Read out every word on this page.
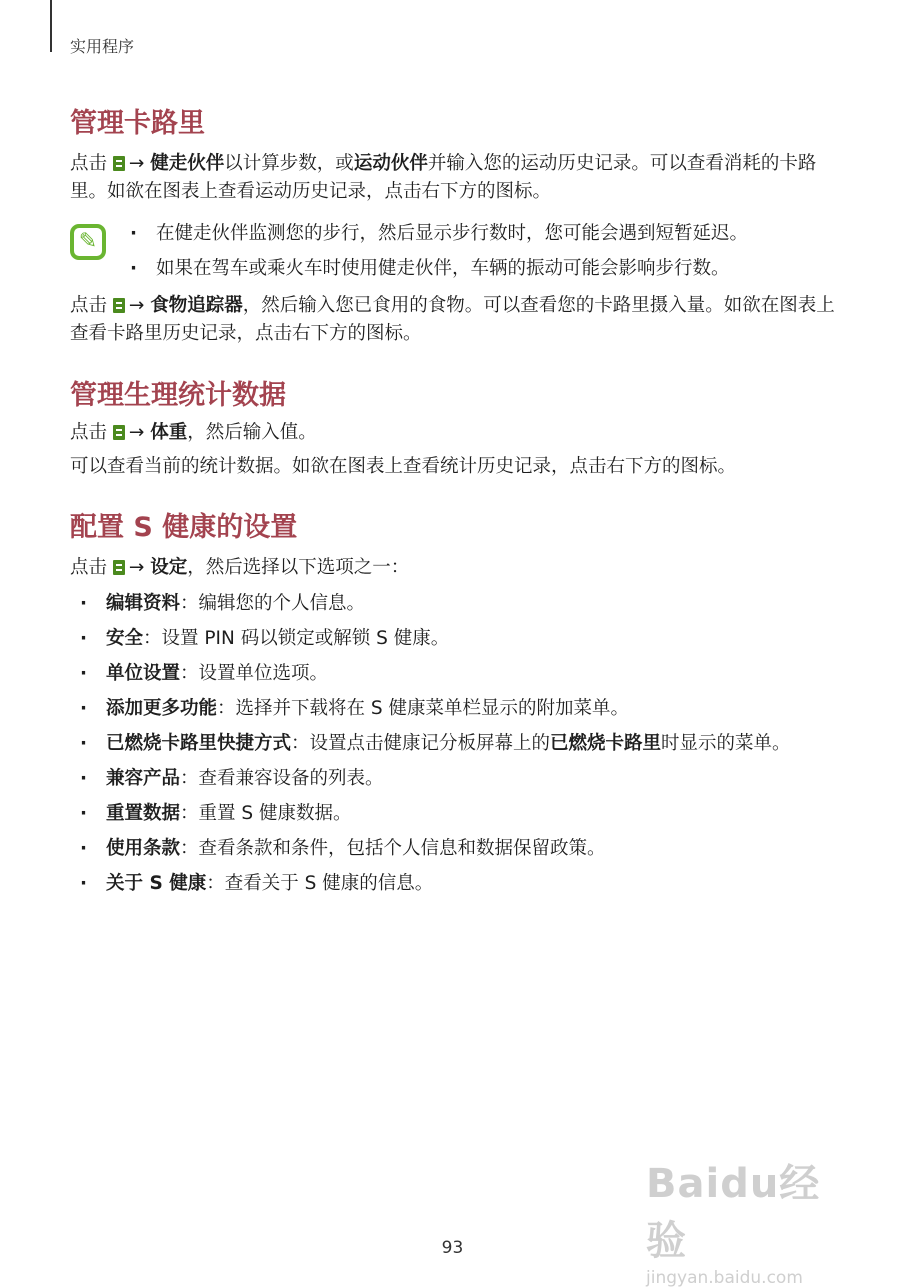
实用程序
管理卡路里

点击 → 健走伙伴以计算步数，或运动伙伴并输入您的运动历史记录。可以查看消耗的卡路里。如欲在图表上查看运动历史记录，点击右下方的图标。

✎
·	在健走伙伴监测您的步行，然后显示步行数时，您可能会遇到短暂延迟。
· 如果在驾车或乘火车时使用健走伙伴，车辆的振动可能会影响步行数。

点击 → 食物追踪器，然后输入您已食用的食物。可以查看您的卡路里摄入量。如欲在图表上查看卡路里历史记录，点击右下方的图标。

管理生理统计数据

点击 → 体重，然后输入值。

可以查看当前的统计数据。如欲在图表上查看统计历史记录，点击右下方的图标。

配置 S 健康的设置

点击 → 设定，然后选择以下选项之一：

· 编辑资料：编辑您的个人信息。
· 安全：设置 PIN 码以锁定或解锁 S 健康。
· 单位设置：设置单位选项。
· 添加更多功能：选择并下载将在 S 健康菜单栏显示的附加菜单。
· 已燃烧卡路里快捷方式：设置点击健康记分板屏幕上的已燃烧卡路里时显示的菜单。
· 兼容产品：查看兼容设备的列表。
· 重置数据：重置 S 健康数据。
· 使用条款：查看条款和条件，包括个人信息和数据保留政策。
· 关于 S 健康：查看关于 S 健康的信息。
Baidu经验
jingyan.baidu.com
93
